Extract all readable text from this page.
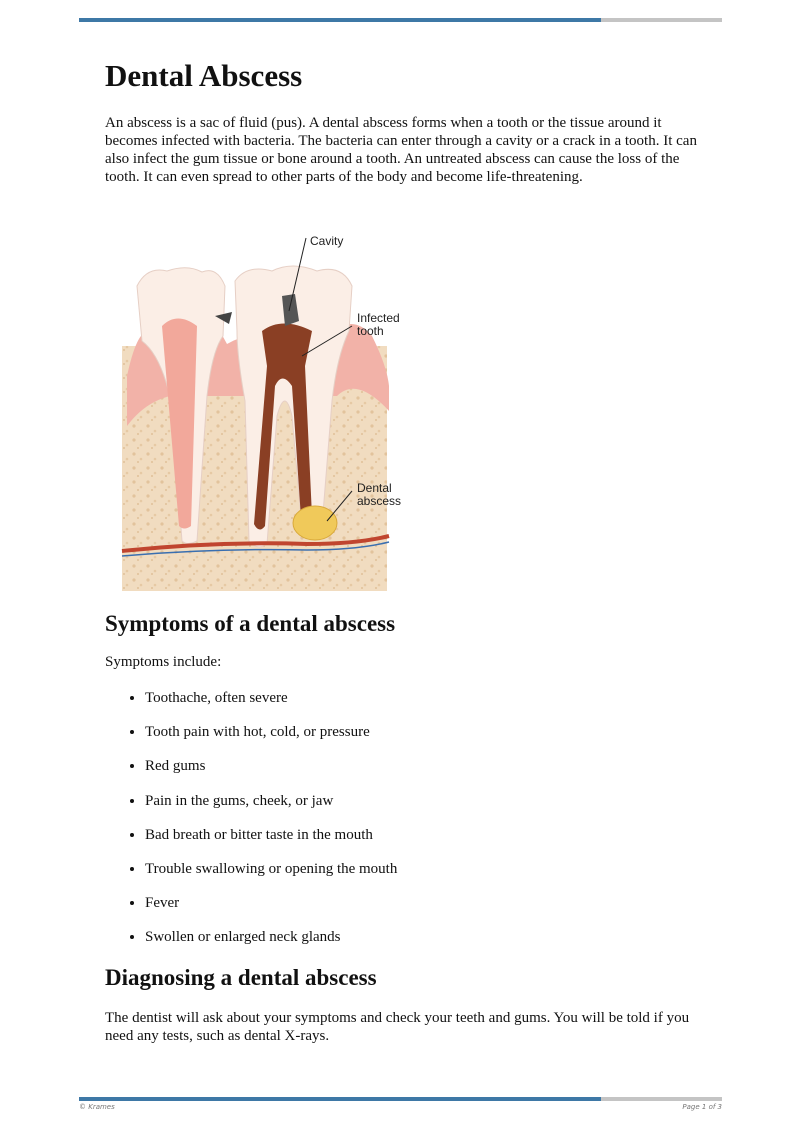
Dental Abscess

An abscess is a sac of fluid (pus). A dental abscess forms when a tooth or the tissue around it becomes infected with bacteria. The bacteria can enter through a cavity or a crack in a tooth. It can also infect the gum tissue or bone around a tooth. An untreated abscess can cause the loss of the tooth. It can even spread to other parts of the body and become life-threatening.

Cavity
Infected
tooth
Dental
abscess
Symptoms of a dental abscess

Symptoms include:

• Toothache, often severe
• Tooth pain with hot, cold, or pressure
• Red gums
• Pain in the gums, cheek, or jaw
• Bad breath or bitter taste in the mouth
• Trouble swallowing or opening the mouth
• Fever
• Swollen or enlarged neck glands
Diagnosing a dental abscess

The dentist will ask about your symptoms and check your teeth and gums. You will be told if you need any tests, such as dental X-rays.

© Krames	Page 1 of 3
